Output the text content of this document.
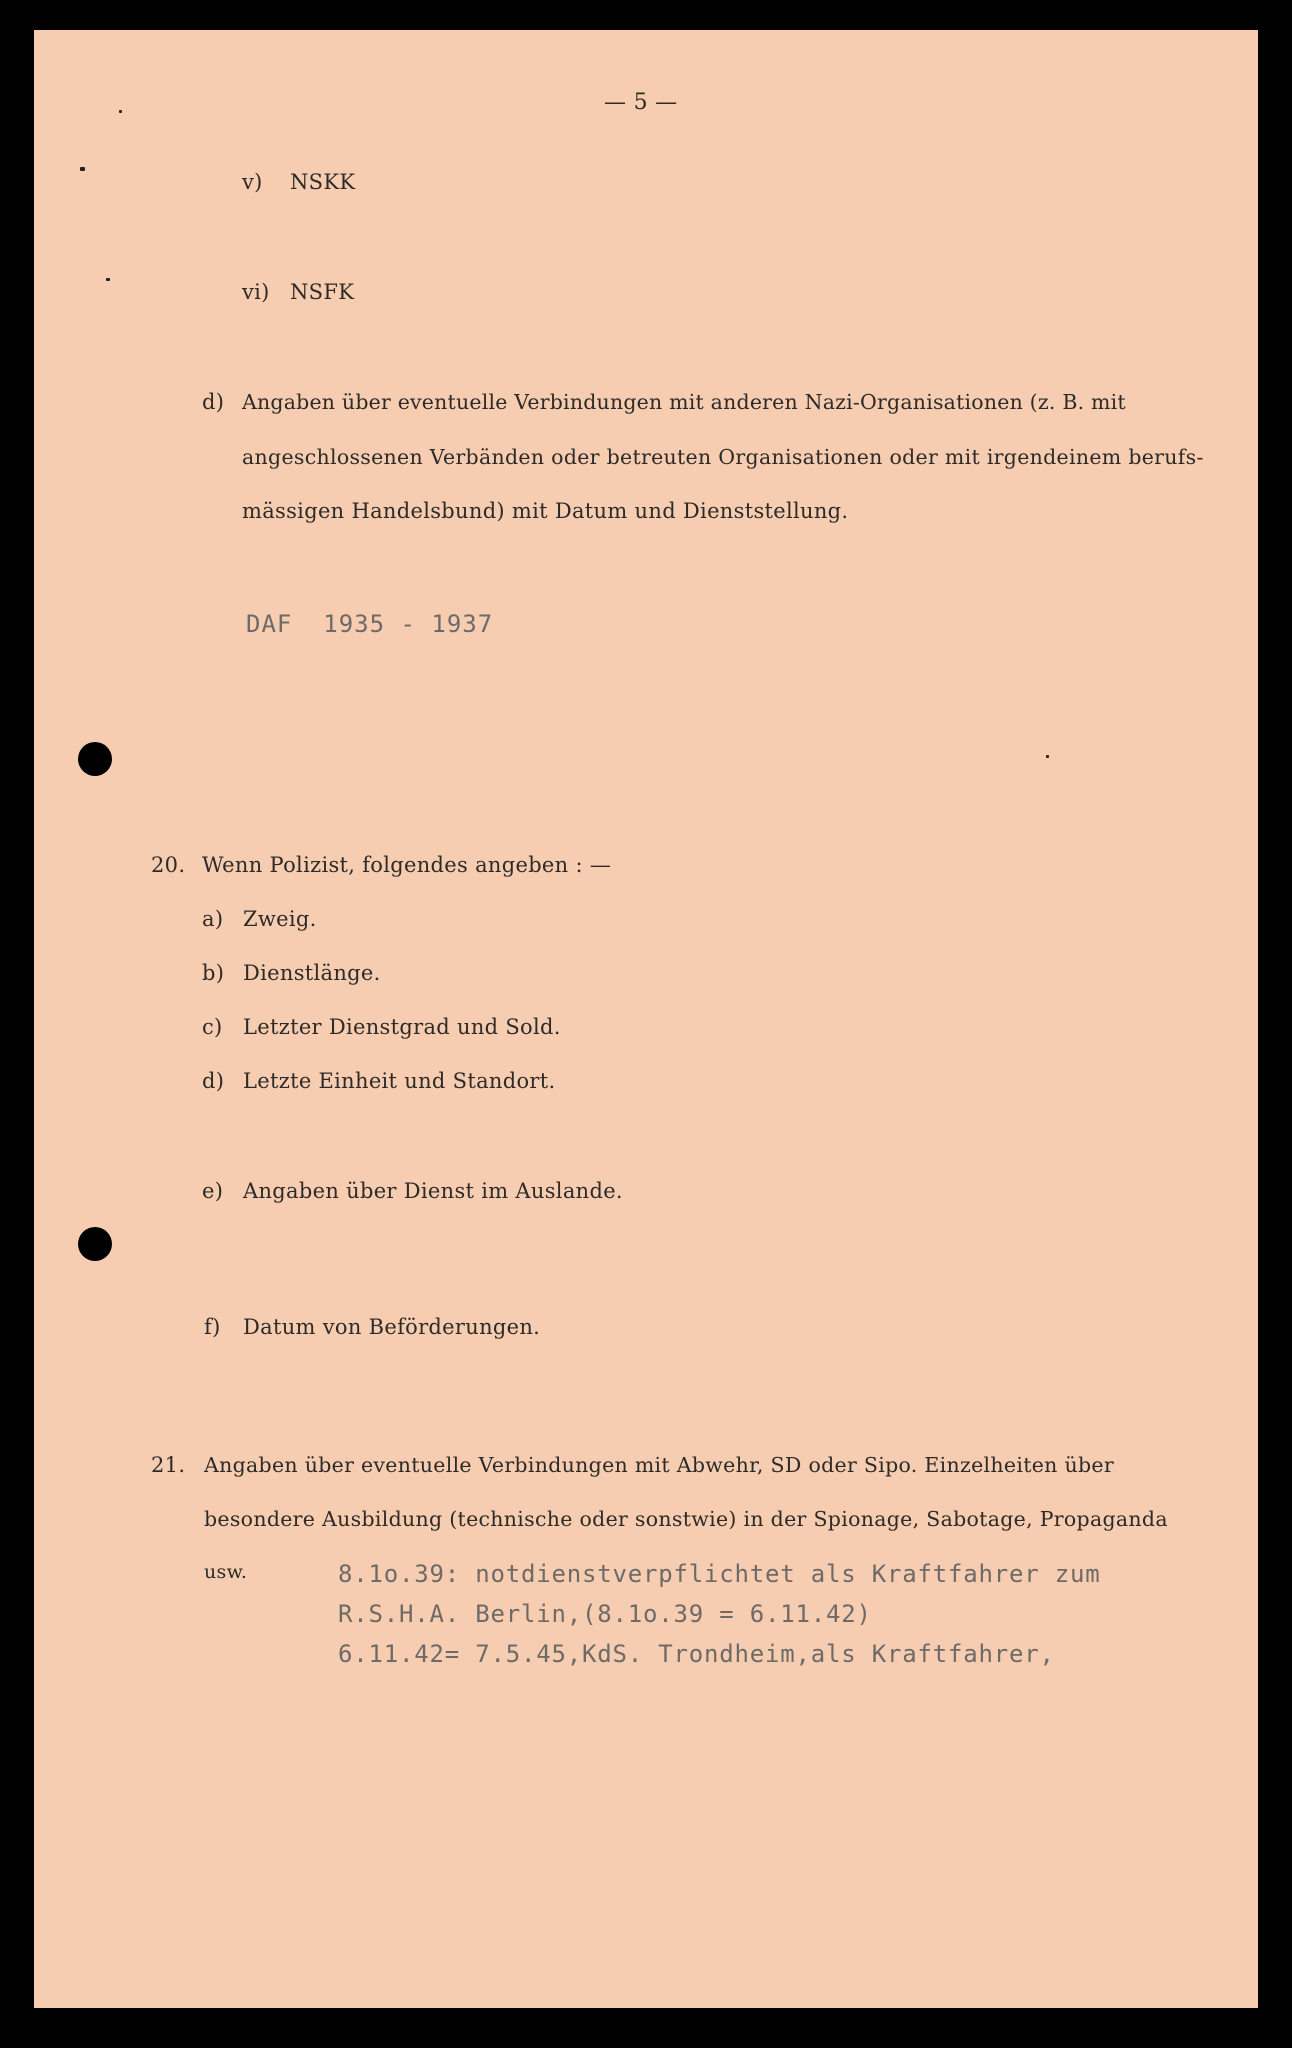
— 5 —
v) NSKK
vi) NSFK
d) Angaben über eventuelle Verbindungen mit anderen Nazi-Organisationen (z. B. mit
angeschlossenen Verbänden oder betreuten Organisationen oder mit irgendeinem berufs-
mässigen Handelsbund) mit Datum und Dienststellung.
DAF  1935 - 1937
20. Wenn Polizist, folgendes angeben : —
a) Zweig.
b) Dienstlänge.
c) Letzter Dienstgrad und Sold.
d) Letzte Einheit und Standort.
e) Angaben über Dienst im Auslande.
f) Datum von Beförderungen.
21. Angaben über eventuelle Verbindungen mit Abwehr, SD oder Sipo. Einzelheiten über
besondere Ausbildung (technische oder sonstwie) in der Spionage, Sabotage, Propaganda
usw.	8.1o.39: notdienstverpflichtet als Kraftfahrer zum
R.S.H.A. Berlin,(8.1o.39 = 6.11.42)
6.11.42= 7.5.45,KdS. Trondheim,als Kraftfahrer,
